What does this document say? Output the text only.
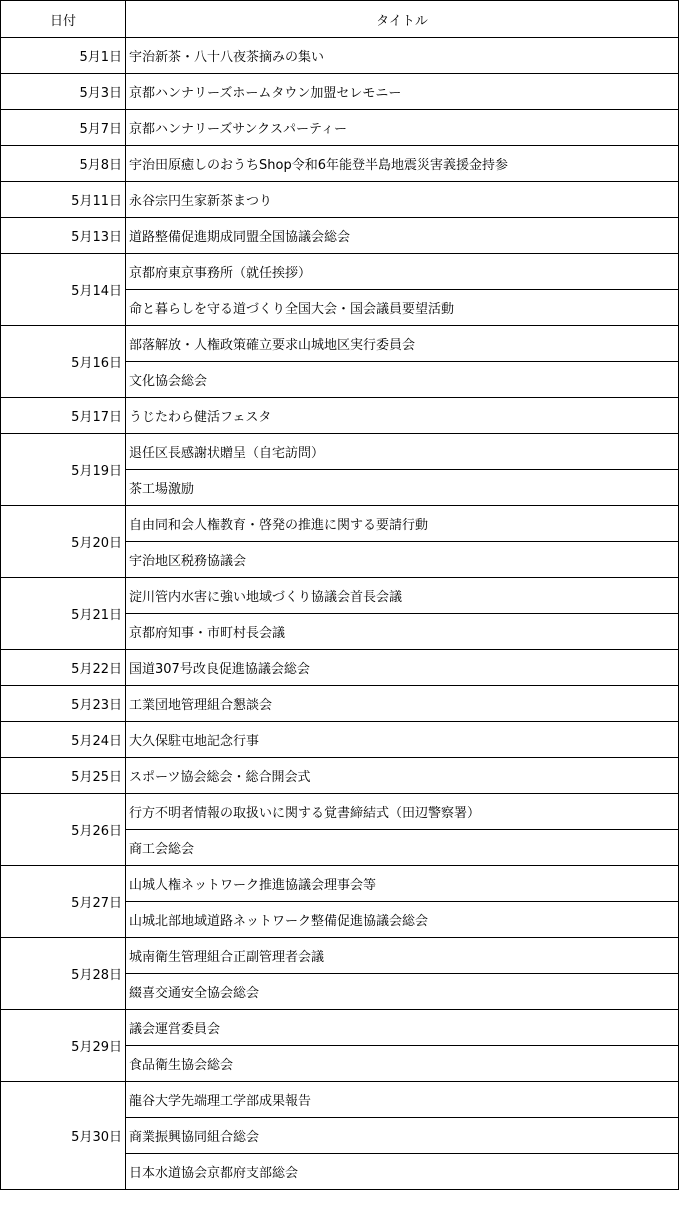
日付	タイトル
5月1日	宇治新茶・八十八夜茶摘みの集い
5月3日	京都ハンナリーズホームタウン加盟セレモニー
5月7日	京都ハンナリーズサンクスパーティー
5月8日	宇治田原癒しのおうちShop令和6年能登半島地震災害義援金持参
5月11日	永谷宗円生家新茶まつり
5月13日	道路整備促進期成同盟全国協議会総会
5月14日	京都府東京事務所（就任挨拶）
	命と暮らしを守る道づくり全国大会・国会議員要望活動
5月16日	部落解放・人権政策確立要求山城地区実行委員会
	文化協会総会
5月17日	うじたわら健活フェスタ
5月19日	退任区長感謝状贈呈（自宅訪問）
	茶工場激励
5月20日	自由同和会人権教育・啓発の推進に関する要請行動
	宇治地区税務協議会
5月21日	淀川管内水害に強い地域づくり協議会首長会議
	京都府知事・市町村長会議
5月22日	国道307号改良促進協議会総会
5月23日	工業団地管理組合懇談会
5月24日	大久保駐屯地記念行事
5月25日	スポーツ協会総会・総合開会式
5月26日	行方不明者情報の取扱いに関する覚書締結式（田辺警察署）
	商工会総会
5月27日	山城人権ネットワーク推進協議会理事会等
	山城北部地域道路ネットワーク整備促進協議会総会
5月28日	城南衛生管理組合正副管理者会議
	綴喜交通安全協会総会
5月29日	議会運営委員会
	食品衛生協会総会
5月30日	龍谷大学先端理工学部成果報告
	商業振興協同組合総会
	日本水道協会京都府支部総会
